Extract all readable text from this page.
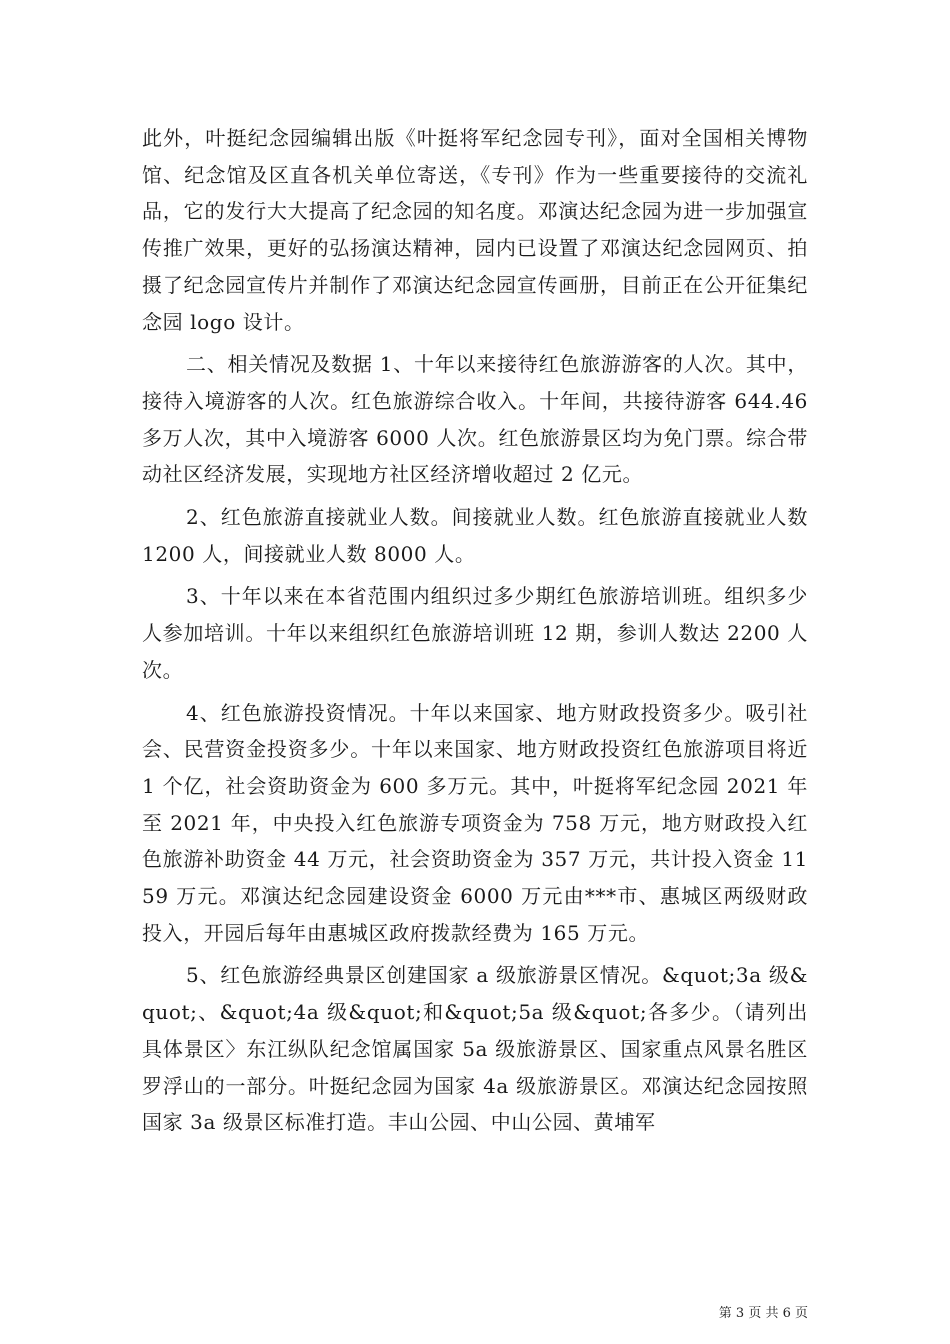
此外，叶挺纪念园编辑出版《叶挺将军纪念园专刊》，面对全国相关博物馆、纪念馆及区直各机关单位寄送，《专刊》作为一些重要接待的交流礼品，它的发行大大提高了纪念园的知名度。邓演达纪念园为进一步加强宣传推广效果，更好的弘扬演达精神，园内已设置了邓演达纪念园网页、拍摄了纪念园宣传片并制作了邓演达纪念园宣传画册，目前正在公开征集纪念园 logo 设计。

二、相关情况及数据 1、十年以来接待红色旅游游客的人次。其中，接待入境游客的人次。红色旅游综合收入。十年间，共接待游客 644.46 多万人次，其中入境游客 6000 人次。红色旅游景区均为免门票。综合带动社区经济发展，实现地方社区经济增收超过 2 亿元。

2、红色旅游直接就业人数。间接就业人数。红色旅游直接就业人数 1200 人，间接就业人数 8000 人。

3、十年以来在本省范围内组织过多少期红色旅游培训班。组织多少人参加培训。十年以来组织红色旅游培训班 12 期，参训人数达 2200 人次。

4、红色旅游投资情况。十年以来国家、地方财政投资多少。吸引社会、民营资金投资多少。十年以来国家、地方财政投资红色旅游项目将近 1 个亿，社会资助资金为 600 多万元。其中，叶挺将军纪念园 2021 年至 2021 年，中央投入红色旅游专项资金为 758 万元，地方财政投入红色旅游补助资金 44 万元，社会资助资金为 357 万元，共计投入资金 1159 万元。邓演达纪念园建设资金 6000 万元由***市、惠城区两级财政投入，开园后每年由惠城区政府拨款经费为 165 万元。

5、红色旅游经典景区创建国家 a 级旅游景区情况。&quot;3a 级&quot;、&quot;4a 级&quot;和&quot;5a 级&quot;各多少。（请列出具体景区〉东江纵队纪念馆属国家 5a 级旅游景区、国家重点风景名胜区罗浮山的一部分。叶挺纪念园为国家 4a 级旅游景区。邓演达纪念园按照国家 3a 级景区标准打造。丰山公园、中山公园、黄埔军

第 3 页 共 6 页
